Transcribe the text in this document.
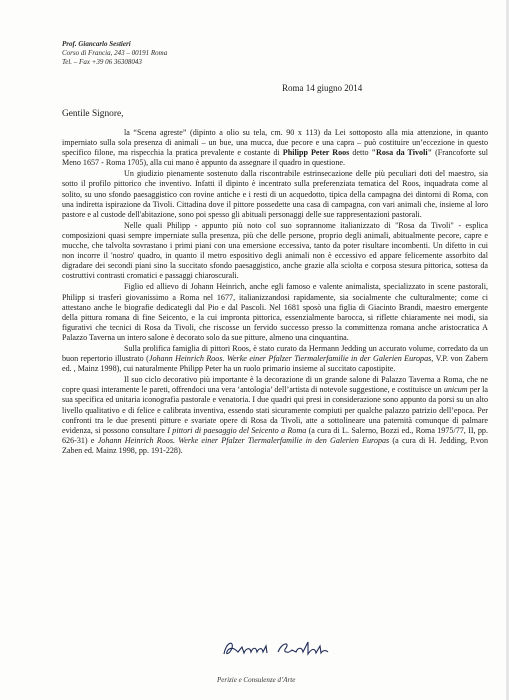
Prof. Giancarlo Sestieri
Corso di Francia, 243 – 00191 Roma
Tel. – Fax +39 06 36308043
Roma 14 giugno 2014
Gentile Signore,

la “Scena agreste” (dipinto a olio su tela, cm. 90 x 113) da Lei sottoposto alla mia attenzione, in quanto imperniato sulla sola presenza di animali – un bue, una mucca, due pecore e una capra – può costituire un’eccezione in questo specifico filone, ma rispecchia la pratica prevalente e costante di Philipp Peter Roos detto "Rosa da Tivoli" (Francoforte sul Meno 1657 - Roma 1705), alla cui mano è appunto da assegnare il quadro in questione.

Un giudizio pienamente sostenuto dalla riscontrabile estrinsecazione delle più peculiari doti del maestro, sia sotto il profilo pittorico che inventivo. Infatti il dipinto è incentrato sulla preferenziata tematica del Roos, inquadrata come al solito, su uno sfondo paesaggistico con rovine antiche e i resti di un acquedotto, tipica della campagna dei dintorni di Roma, con una indiretta ispirazione da Tivoli. Cittadina dove il pittore possedette una casa di campagna, con vari animali che, insieme al loro pastore e al custode dell'abitazione, sono poi spesso gli abituali personaggi delle sue rappresentazioni pastorali.

Nelle quali Philipp - appunto più noto col suo soprannome italianizzato di "Rosa da Tivoli" - esplica composizioni quasi sempre imperniate sulla presenza, più che delle persone, proprio degli animali, abitualmente pecore, capre e mucche, che talvolta sovrastano i primi piani con una emersione eccessiva, tanto da poter risultare incombenti. Un difetto in cui non incorre il 'nostro' quadro, in quanto il metro espositivo degli animali non è eccessivo ed appare felicemente assorbito dal digradare dei secondi piani sino la succitato sfondo paesaggistico, anche grazie alla sciolta e corposa stesura pittorica, sottesa da costruttivi contrasti cromatici e passaggi chiaroscurali.

Figlio ed allievo di Johann Heinrich, anche egli famoso e valente animalista, specializzato in scene pastorali, Philipp si trasferì giovanissimo a Roma nel 1677, italianizzandosi rapidamente, sia socialmente che culturalmente; come ci attestano anche le biografie dedicategli dal Pio e dal Pascoli. Nel 1681 sposò una figlia di Giacinto Brandi, maestro emergente della pittura romana di fine Seicento, e la cui impronta pittorica, essenzialmente barocca, si riflette chiaramente nei modi, sia figurativi che tecnici di Rosa da Tivoli, che riscosse un fervido successo presso la committenza romana anche aristocratica A Palazzo Taverna un intero salone è decorato solo da sue pitture, almeno una cinquantina.

Sulla prolifica famiglia di pittori Roos, è stato curato da Hermann Jedding un accurato volume, corredato da un buon repertorio illustrato (Johann Heinrich Roos. Werke einer Pfalzer Tiermalerfamilie in der Galerien Europas, V.P. von Zabern ed. , Mainz 1998), cui naturalmente Philipp Peter ha un ruolo primario insieme al succitato capostipite.

Il suo ciclo decorativo più importante è la decorazione di un grande salone di Palazzo Taverna a Roma, che ne copre quasi interamente le pareti, offrendoci una vera ‘antologia’ dell’artista di notevole suggestione, e costituisce un unicum per la sua specifica ed unitaria iconografia pastorale e venatoria. I due quadri qui presi in considerazione sono appunto da porsi su un alto livello qualitativo e di felice e calibrata inventiva, essendo stati sicuramente compiuti per qualche palazzo patrizio dell’epoca. Per confronti tra le due presenti pitture e svariate opere di Rosa da Tivoli, atte a sottolineare una paternità comunque di palmare evidenza, si possono consultare I pittori di paesaggio del Seicento a Roma (a cura di L. Salerno, Bozzi ed., Roma 1975/77, II, pp. 626-31) e Johann Heinrich Roos. Werke einer Pfalzer Tiermalerfamilie in den Galerien Europas (a cura di H. Jedding, P.von Zaben ed. Mainz 1998, pp. 191-228).

Perizie e Consulenze d’Arte
